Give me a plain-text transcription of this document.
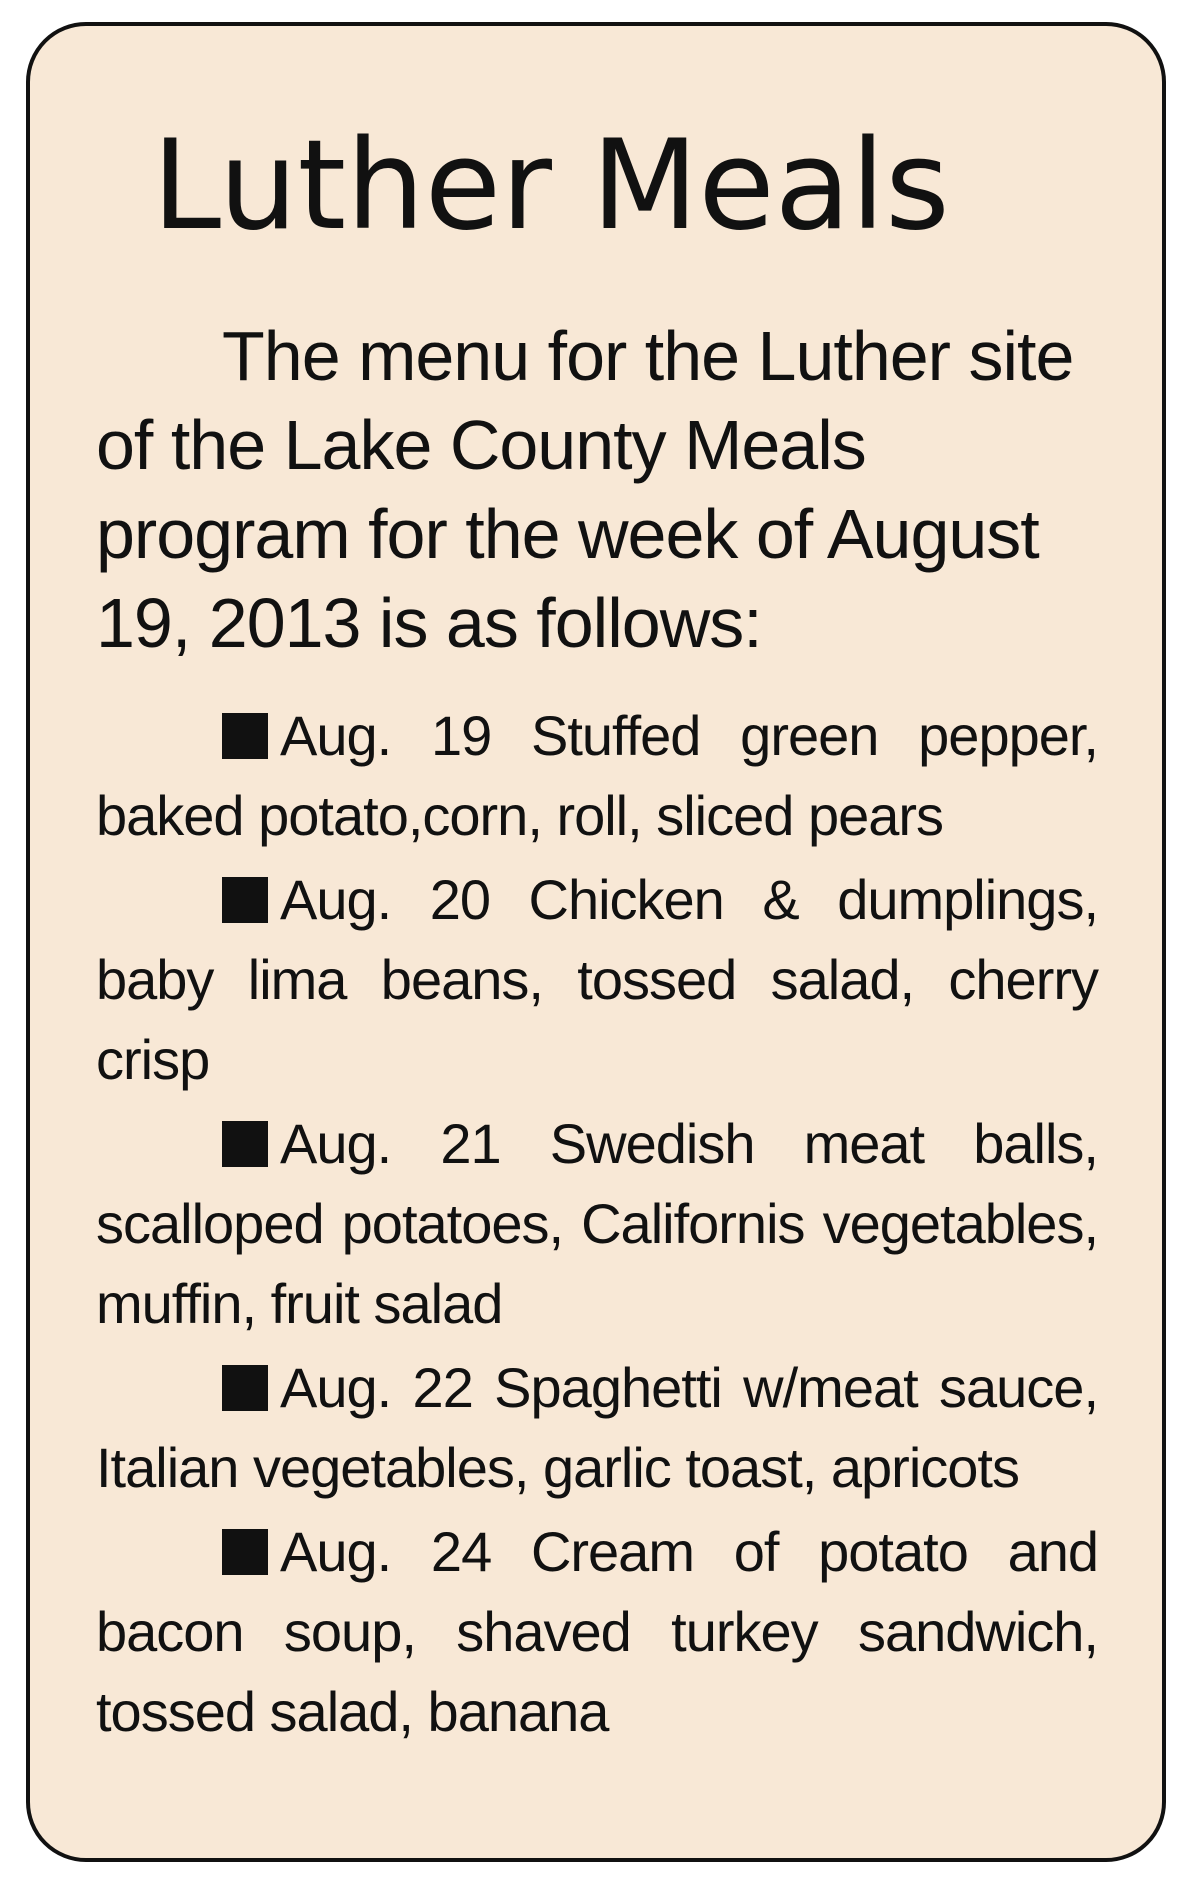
Luther Meals

The menu for the Luther site of the Lake County Meals program for the week of August 19, 2013 is as follows:

Aug. 19 Stuffed green pepper, baked potato,corn, roll, sliced pears
Aug. 20 Chicken & dumplings, baby lima beans, tossed salad, cherry crisp
Aug. 21 Swedish meat balls, scalloped potatoes, Californis vegetables, muffin, fruit salad
Aug. 22 Spaghetti w/meat sauce, Italian vegetables, garlic toast, apricots
Aug. 24 Cream of potato and bacon soup, shaved turkey sandwich, tossed salad, banana
